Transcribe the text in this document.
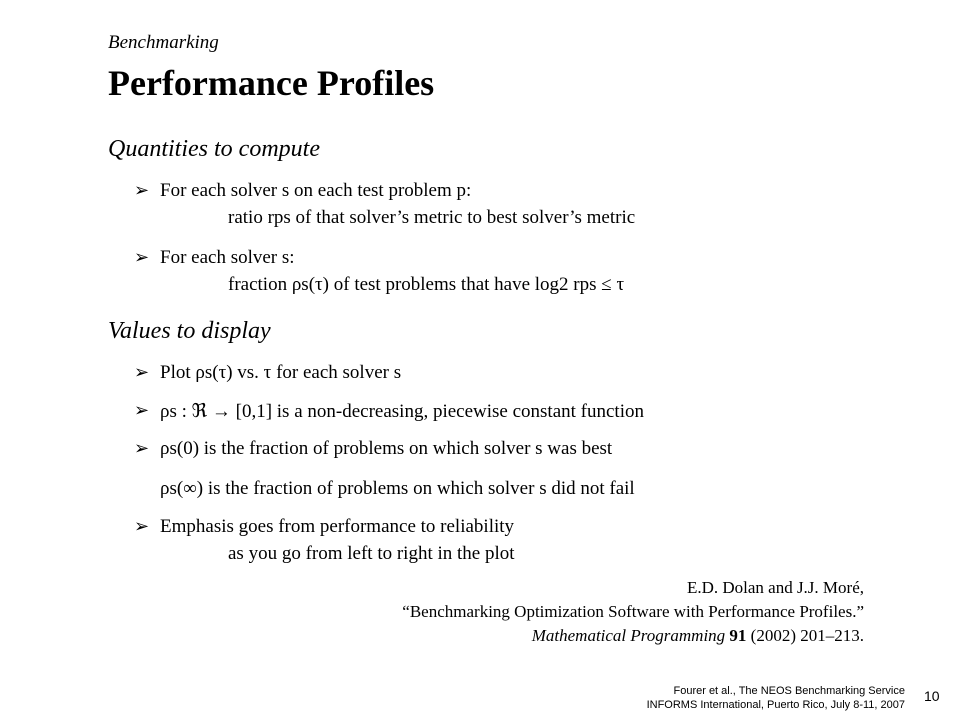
Benchmarking
Performance Profiles
Quantities to compute
➢ For each solver s on each test problem p:
ratio rps of that solver’s metric to best solver’s metric
➢ For each solver s:
fraction ρs(τ) of test problems that have log2 rps ≤ τ
Values to display
➢ Plot ρs(τ) vs. τ for each solver s
➢ ρs : ℜ → [0,1] is a non-decreasing, piecewise constant function
➢ ρs(0) is the fraction of problems on which solver s was best
ρs(∞) is the fraction of problems on which solver s did not fail
➢ Emphasis goes from performance to reliability
as you go from left to right in the plot
E.D. Dolan and J.J. Moré,
“Benchmarking Optimization Software with Performance Profiles.”
Mathematical Programming 91 (2002) 201–213.
Fourer et al., The NEOS Benchmarking Service
INFORMS International, Puerto Rico, July 8-11, 2007
10
